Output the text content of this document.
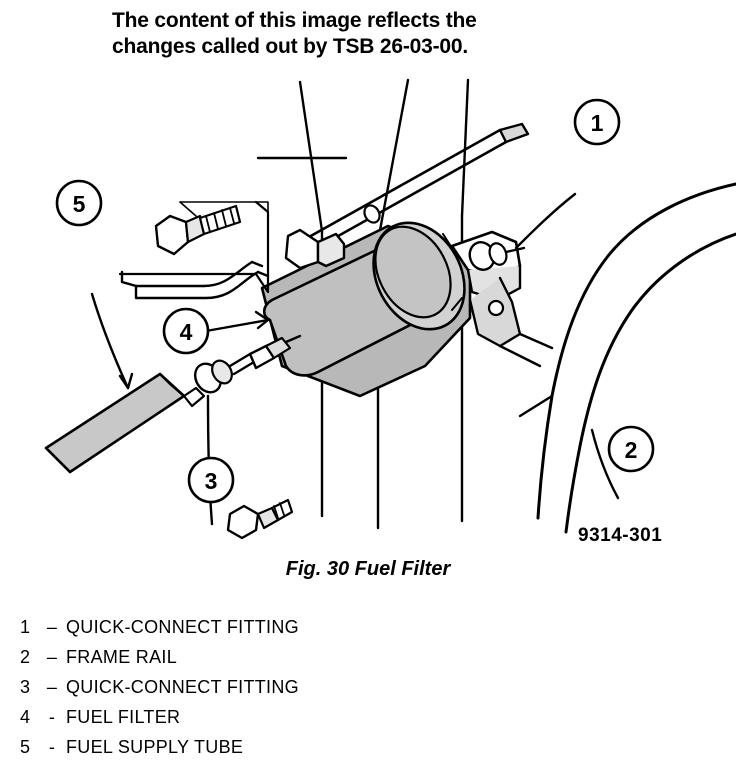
The content of this image reflects the
changes called out by TSB 26-03-00.
1
2
3
4
5
9314-301
Fig. 30 Fuel Filter
1 – QUICK-CONNECT FITTING
2 – FRAME RAIL
3 – QUICK-CONNECT FITTING
4	- FUEL FILTER
5	- FUEL SUPPLY TUBE
